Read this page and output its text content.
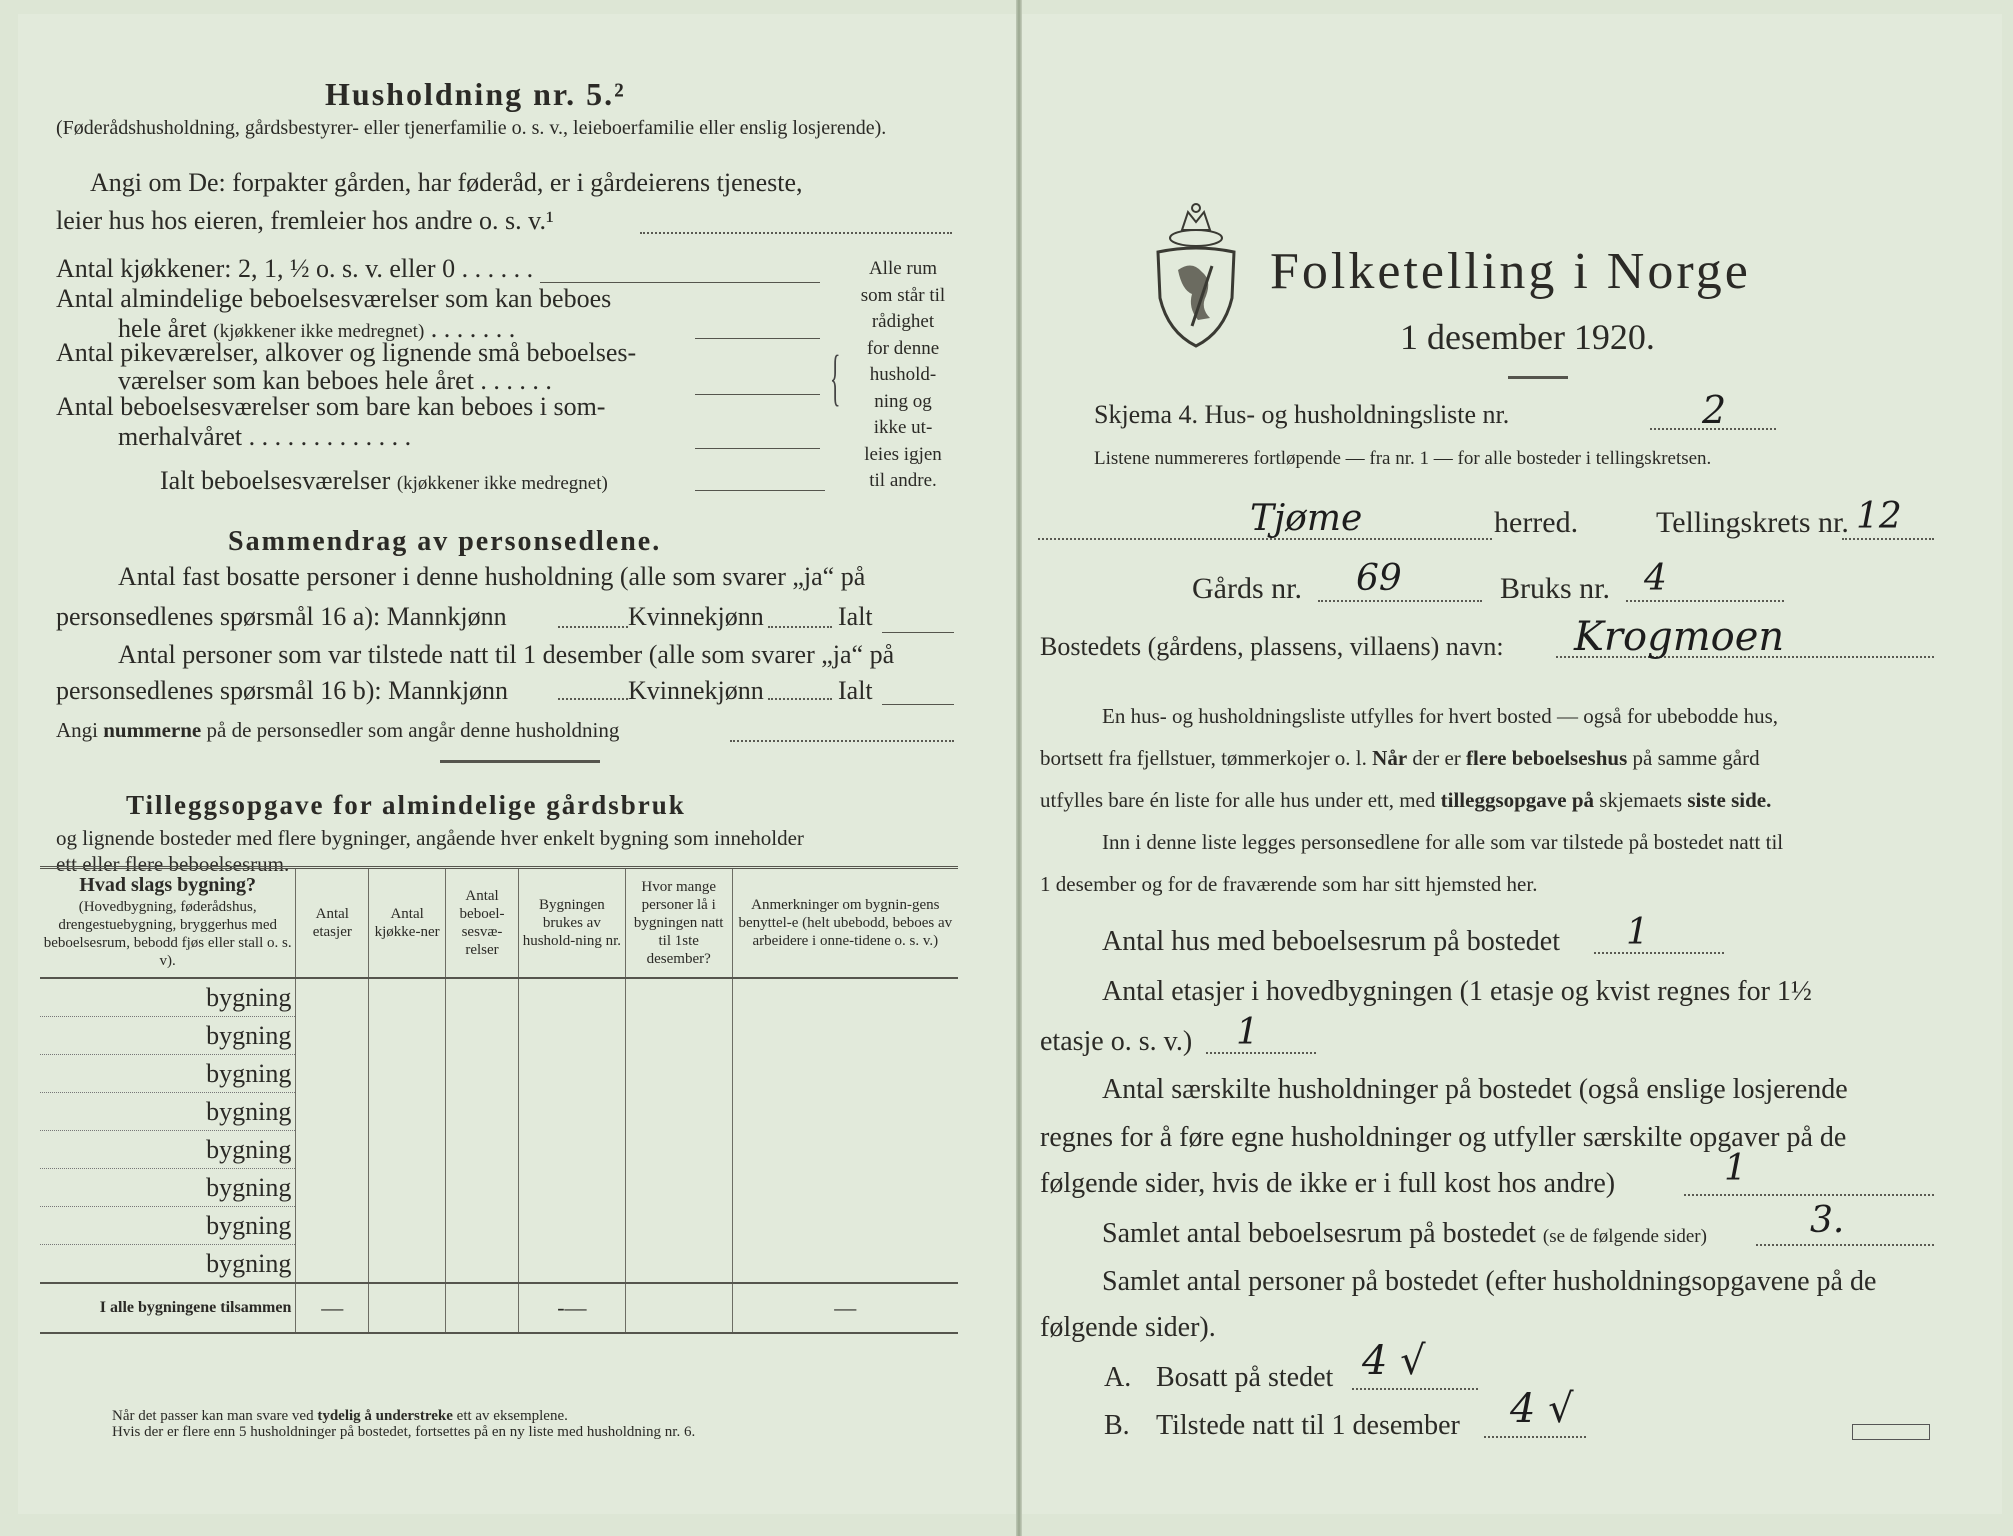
Husholdning nr. 5.²
(Føderådshusholdning, gårdsbestyrer- eller tjenerfamilie o. s. v., leieboerfamilie eller enslig losjerende).
Angi om De: forpakter gården, har føderåd, er i gårdeierens tjeneste,
leier hus hos eieren, fremleier hos andre o. s. v.¹
Antal kjøkkener: 2, 1, ½ o. s. v. eller 0 . . . . . .
Antal almindelige beboelsesværelser som kan beboes
hele året (kjøkkener ikke medregnet) . . . . . . .
Antal pikeværelser, alkover og lignende små beboelses-
værelser som kan beboes hele året . . . . . .
Antal beboelsesværelser som bare kan beboes i som-
merhalvåret . . . . . . . . . . . . .
Ialt beboelsesværelser (kjøkkener ikke medregnet)
{
Alle rum
som står til
rådighet
for denne
hushold-
ning og
ikke ut-
leies igjen
til andre.
Sammendrag av personsedlene.
Antal fast bosatte personer i denne husholdning (alle som svarer „ja“ på
personsedlenes spørsmål 16 a): Mannkjønn	Kvinnekjønn	Ialt
Antal personer som var tilstede natt til 1 desember (alle som svarer „ja“ på
personsedlenes spørsmål 16 b): Mannkjønn	Kvinnekjønn	Ialt
Angi nummerne på de personsedler som angår denne husholdning
Tilleggsopgave for almindelige gårdsbruk
og lignende bosteder med flere bygninger, angående hver enkelt bygning som inneholder
ett eller flere beboelsesrum.
Hvad slags bygning?
(Hovedbygning, føderådshus, drengestuebygning, bryggerhus med beboelsesrum, bebodd fjøs eller stall o. s. v).	Antal etasjer	Antal kjøkke-ner	Antal beboel-sesvæ-relser	Bygningen brukes av hushold-ning nr.	Hvor mange personer lå i bygningen natt til 1ste desember?	Anmerkninger om bygnin-gens benyttel-e (helt ubebodd, bebоes av arbeidere i onne-tidene o. s. v.)
bygning						
bygning						
bygning						
bygning						
bygning						
bygning						
bygning						
bygning						
I alle bygningene tilsammen	—			-—		—
Når det passer kan man svare ved tydelig å understreke ett av eksemplene.
Hvis der er flere enn 5 husholdninger på bostedet, fortsettes på en ny liste med husholdning nr. 6.
Folketelling i Norge
1 desember 1920.
Skjema 4. Hus- og husholdningsliste nr.	2
Listene nummereres fortløpende — fra nr. 1 — for alle bosteder i tellingskretsen.
Tjøme	herred.	Tellingskrets nr. 12
Gårds nr. 69	Bruks nr. 4
Bostedets (gårdens, plassens, villaens) navn: Krogmoen
En hus- og husholdningsliste utfylles for hvert bosted — også for ubebodde hus,
bortsett fra fjellstuer, tømmerkojer o. l. Når der er flere beboelseshus på samme gård
utfylles bare én liste for alle hus under ett, med tilleggsopgave på skjemaets siste side.
Inn i denne liste legges personsedlene for alle som var tilstede på bostedet natt til
1 desember og for de fraværende som har sitt hjemsted her.
Antal hus med beboelsesrum på bostedet 1
Antal etasjer i hovedbygningen (1 etasje og kvist regnes for 1½
etasje o. s. v.) 1
Antal særskilte husholdninger på bostedet (også enslige losjerende
regnes for å føre egne husholdninger og utfyller særskilte opgaver på de
følgende sider, hvis de ikke er i full kost hos andre)	1
Samlet antal beboelsesrum på bostedet (se de følgende sider)	3.
Samlet antal personer på bostedet (efter husholdningsopgavene på de
følgende sider).
A. Bosatt på stedet 4 √
B. Tilstede natt til 1 desember 4 √
